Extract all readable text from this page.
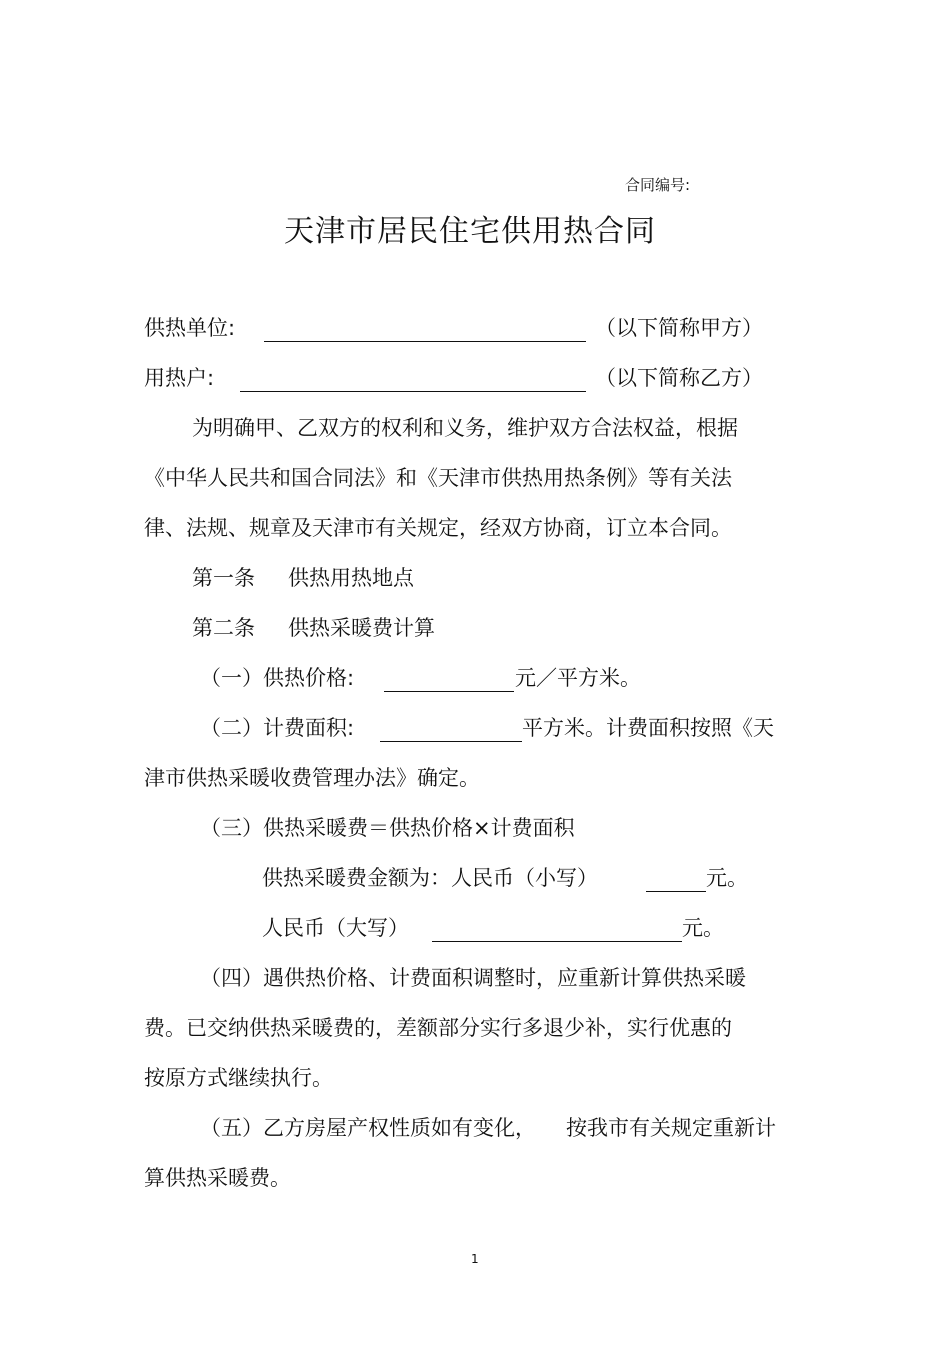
合同编号:
天津市居民住宅供用热合同
供热单位:	（以下简称甲方）
用热户:	（以下简称乙方）
为明确甲、乙双方的权利和义务，维护双方合法权益，根据
《中华人民共和国合同法》和《天津市供热用热条例》等有关法
律、法规、规章及天津市有关规定，经双方协商，订立本合同。
第一条 供热用热地点
第二条 供热采暖费计算
（一）供热价格:	元／平方米。
（二）计费面积:	平方米。计费面积按照《天
津市供热采暖收费管理办法》确定。
（三）供热采暖费＝供热价格×计费面积
供热采暖费金额为：人民币（小写）	元。
人民币（大写）	元。
（四）遇供热价格、计费面积调整时，应重新计算供热采暖
费。已交纳供热采暖费的，差额部分实行多退少补，实行优惠的
按原方式继续执行。
（五）乙方房屋产权性质如有变化， 按我市有关规定重新计
算供热采暖费。
1
